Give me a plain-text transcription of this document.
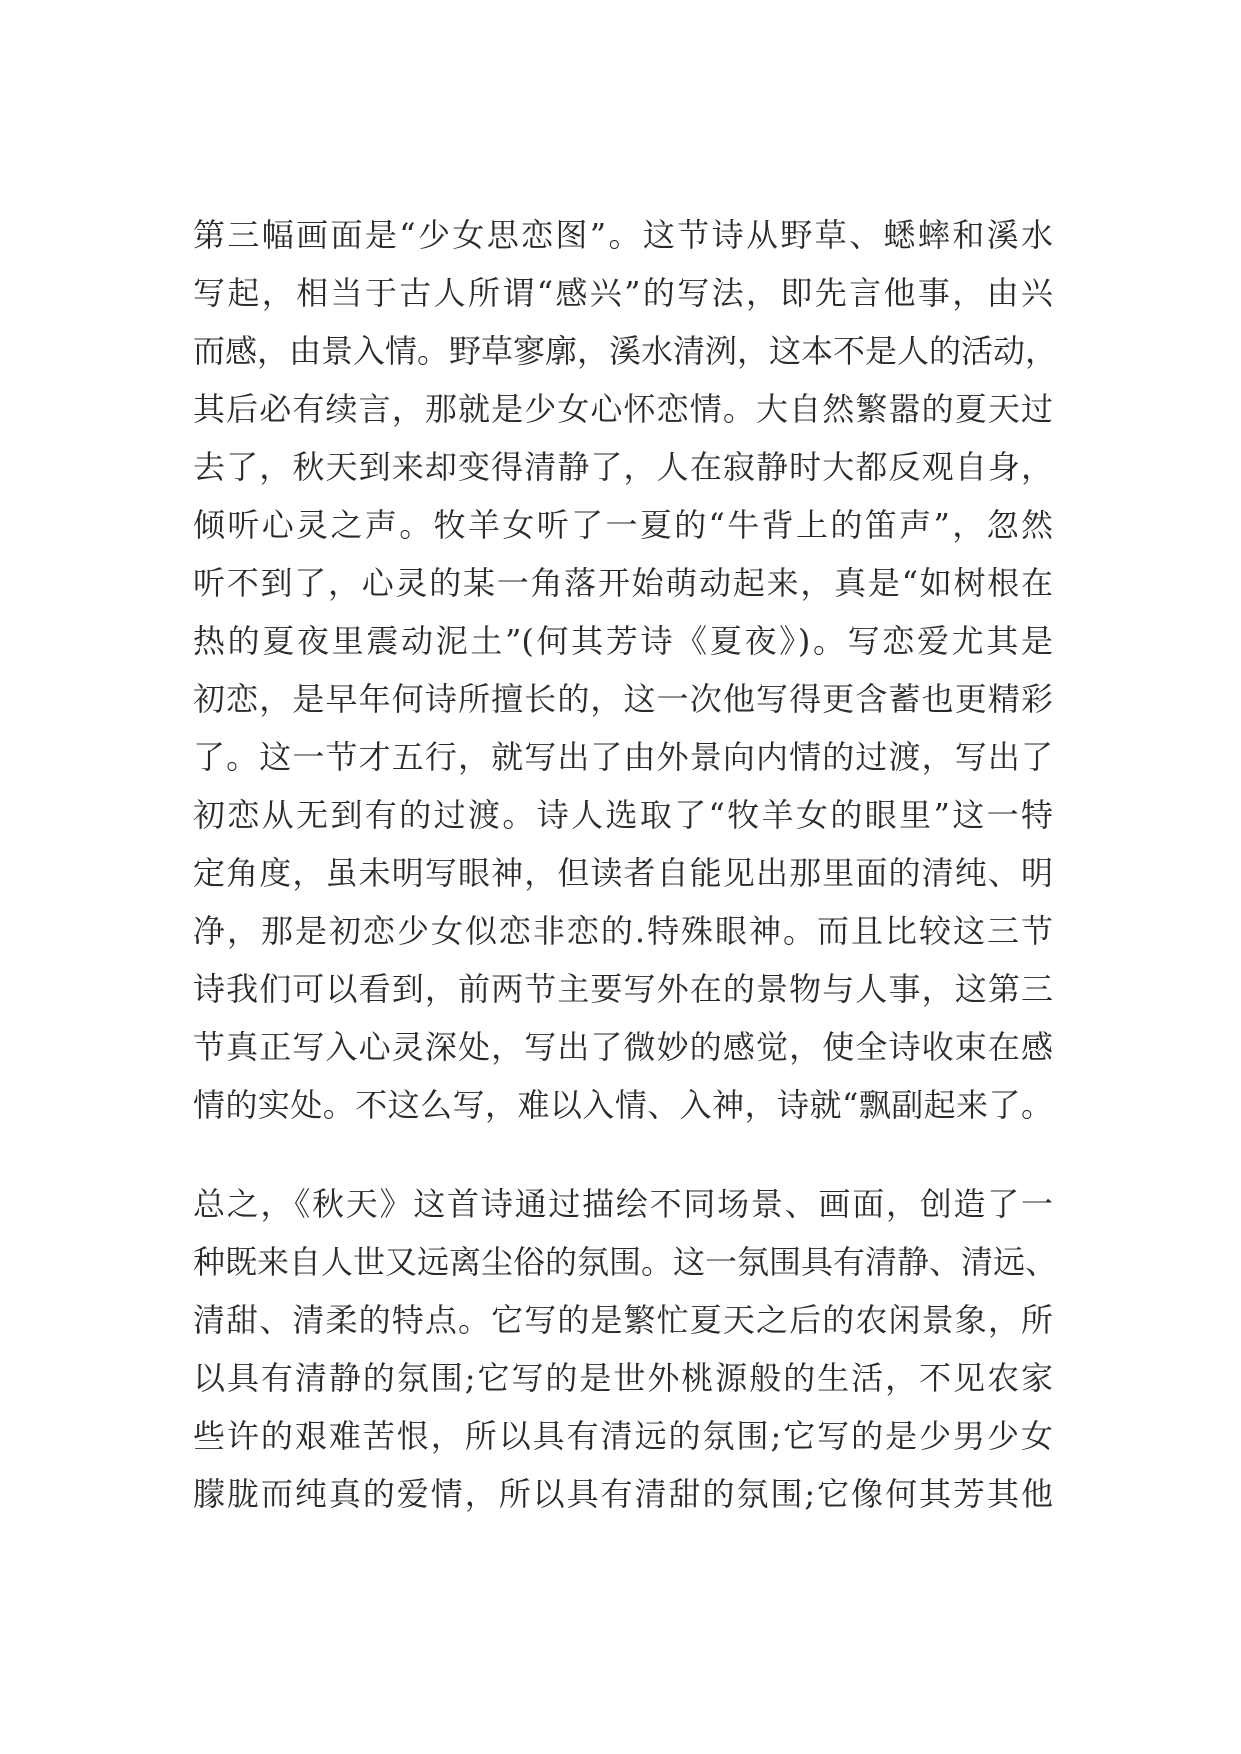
第三幅画面是“少女思恋图”。这节诗从野草、蟋蟀和溪水
写起，相当于古人所谓“感兴”的写法，即先言他事，由兴
而感，由景入情。野草寥廓，溪水清洌，这本不是人的活动，
其后必有续言，那就是少女心怀恋情。大自然繁嚣的夏天过
去了，秋天到来却变得清静了，人在寂静时大都反观自身，
倾听心灵之声。牧羊女听了一夏的“牛背上的笛声”，忽然
听不到了，心灵的某一角落开始萌动起来，真是“如树根在
热的夏夜里震动泥土”(何其芳诗《夏夜》)。写恋爱尤其是
初恋，是早年何诗所擅长的，这一次他写得更含蓄也更精彩
了。这一节才五行，就写出了由外景向内情的过渡，写出了
初恋从无到有的过渡。诗人选取了“牧羊女的眼里”这一特
定角度，虽未明写眼神，但读者自能见出那里面的清纯、明
净，那是初恋少女似恋非恋的.特殊眼神。而且比较这三节
诗我们可以看到，前两节主要写外在的景物与人事，这第三
节真正写入心灵深处，写出了微妙的感觉，使全诗收束在感
情的实处。不这么写，难以入情、入神，诗就“飘副起来了。
总之，《秋天》这首诗通过描绘不同场景、画面，创造了一
种既来自人世又远离尘俗的氛围。这一氛围具有清静、清远、
清甜、清柔的特点。它写的是繁忙夏天之后的农闲景象，所
以具有清静的氛围;它写的是世外桃源般的生活，不见农家
些许的艰难苦恨，所以具有清远的氛围;它写的是少男少女
朦胧而纯真的爱情，所以具有清甜的氛围;它像何其芳其他
